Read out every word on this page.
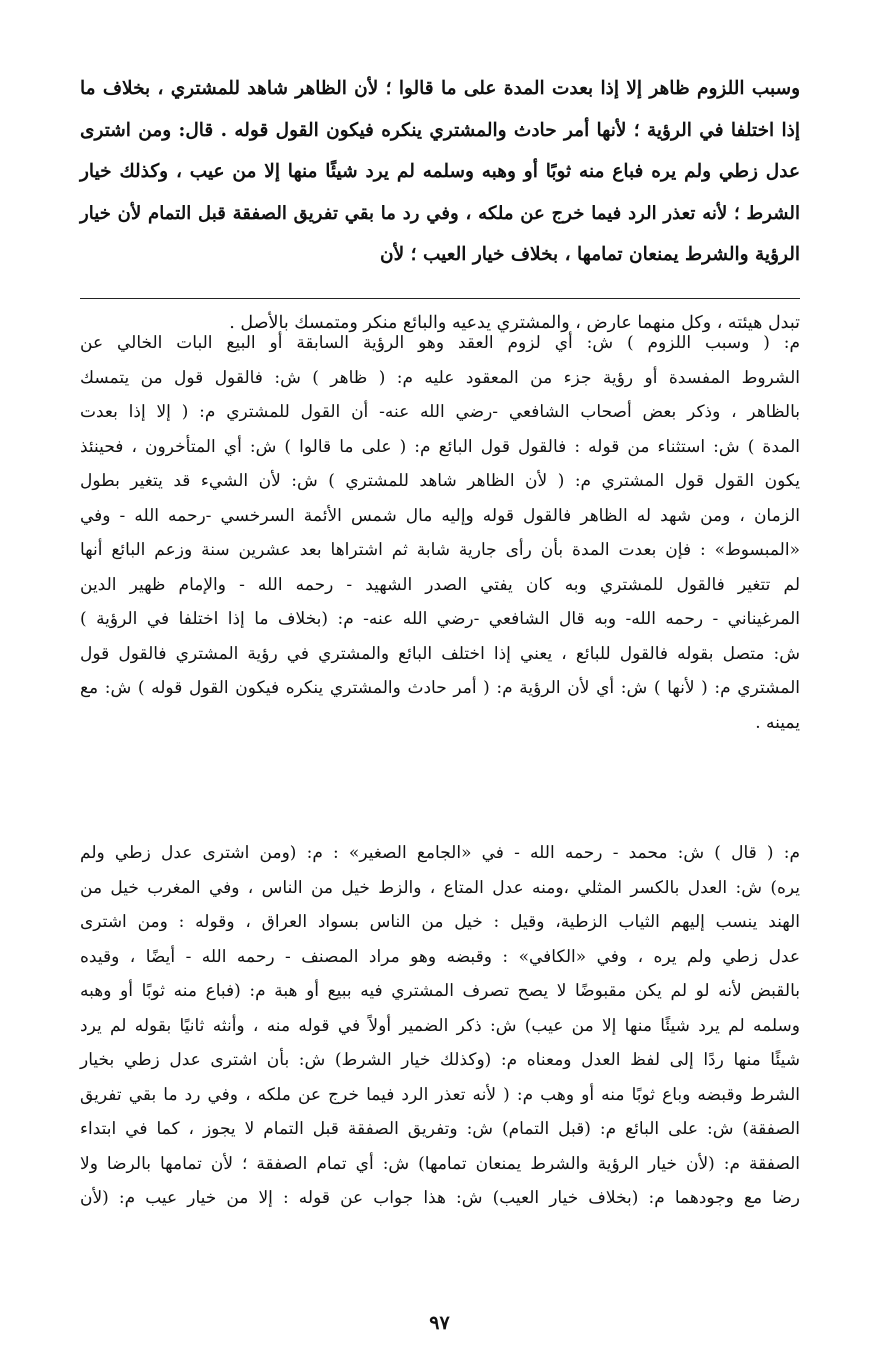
وسبب اللزوم ظاهر إلا إذا بعدت المدة على ما قالوا ؛ لأن الظاهر شاهد للمشتري ، بخلاف ما
إذا اختلفا في الرؤية ؛ لأنها أمر حادث والمشتري ينكره فيكون القول قوله . قال: ومن اشترى
عدل زطي ولم يره فباع منه ثوبًا أو وهبه وسلمه لم يرد شيئًا منها إلا من عيب ، وكذلك خيار
الشرط ؛ لأنه تعذر الرد فيما خرج عن ملكه ، وفي رد ما بقي تفريق الصفقة قبل التمام لأن خيار
الرؤية والشرط يمنعان تمامها ، بخلاف خيار العيب ؛ لأن
تبدل هيئته ، وكل منهما عارض ، والمشتري يدعيه والبائع منكر ومتمسك بالأصل .
م: ( وسبب اللزوم ) ش: أي لزوم العقد وهو الرؤية السابقة أو البيع البات الخالي عن
الشروط المفسدة أو رؤية جزء من المعقود عليه م: ( ظاهر ) ش: فالقول قول من يتمسك
بالظاهر ، وذكر بعض أصحاب الشافعي -رضي الله عنه- أن القول للمشتري م: ( إلا إذا بعدت
المدة ) ش: استثناء من قوله : فالقول قول البائع م: ( على ما قالوا ) ش: أي المتأخرون ، فحينئذ
يكون القول قول المشتري م: ( لأن الظاهر شاهد للمشتري ) ش: لأن الشيء قد يتغير بطول
الزمان ، ومن شهد له الظاهر فالقول قوله وإليه مال شمس الأئمة السرخسي -رحمه الله - وفي
«المبسوط» : فإن بعدت المدة بأن رأى جارية شابة ثم اشتراها بعد عشرين سنة وزعم البائع أنها
لم تتغير فالقول للمشتري وبه كان يفتي الصدر الشهيد - رحمه الله - والإمام ظهير الدين
المرغيناني - رحمه الله- وبه قال الشافعي -رضي الله عنه- م: (بخلاف ما إذا اختلفا في الرؤية )
ش: متصل بقوله فالقول للبائع ، يعني إذا اختلف البائع والمشتري في رؤية المشتري فالقول قول
المشتري م: ( لأنها ) ش: أي لأن الرؤية م: ( أمر حادث والمشتري ينكره فيكون القول قوله ) ش: مع
يمينه .
م: ( قال ) ش: محمد - رحمه الله - في «الجامع الصغير» : م: (ومن اشترى عدل زطي ولم
يره) ش: العدل بالكسر المثلي ،ومنه عدل المتاع ، والزط خيل من الناس ، وفي المغرب خيل من
الهند ينسب إليهم الثياب الزطية، وقيل : خيل من الناس بسواد العراق ، وقوله : ومن اشترى
عدل زطي ولم يره ، وفي «الكافي» : وقبضه وهو مراد المصنف - رحمه الله - أيضًا ، وقيده
بالقبض لأنه لو لم يكن مقبوضًا لا يصح تصرف المشتري فيه ببيع أو هبة م: (فباع منه ثوبًا أو وهبه
وسلمه لم يرد شيئًا منها إلا من عيب) ش: ذكر الضمير أولاً في قوله منه ، وأنثه ثانيًا بقوله لم يرد
شيئًا منها ردًا إلى لفظ العدل ومعناه م: (وكذلك خيار الشرط) ش: بأن اشترى عدل زطي بخيار
الشرط وقبضه وباع ثوبًا منه أو وهب م: ( لأنه تعذر الرد فيما خرج عن ملكه ، وفي رد ما بقي تفريق
الصفقة) ش: على البائع م: (قبل التمام) ش: وتفريق الصفقة قبل التمام لا يجوز ، كما في ابتداء
الصفقة م: (لأن خيار الرؤية والشرط يمنعان تمامها) ش: أي تمام الصفقة ؛ لأن تمامها بالرضا ولا
رضا مع وجودهما م: (بخلاف خيار العيب) ش: هذا جواب عن قوله : إلا من خيار عيب م: (لأن
٩٧
